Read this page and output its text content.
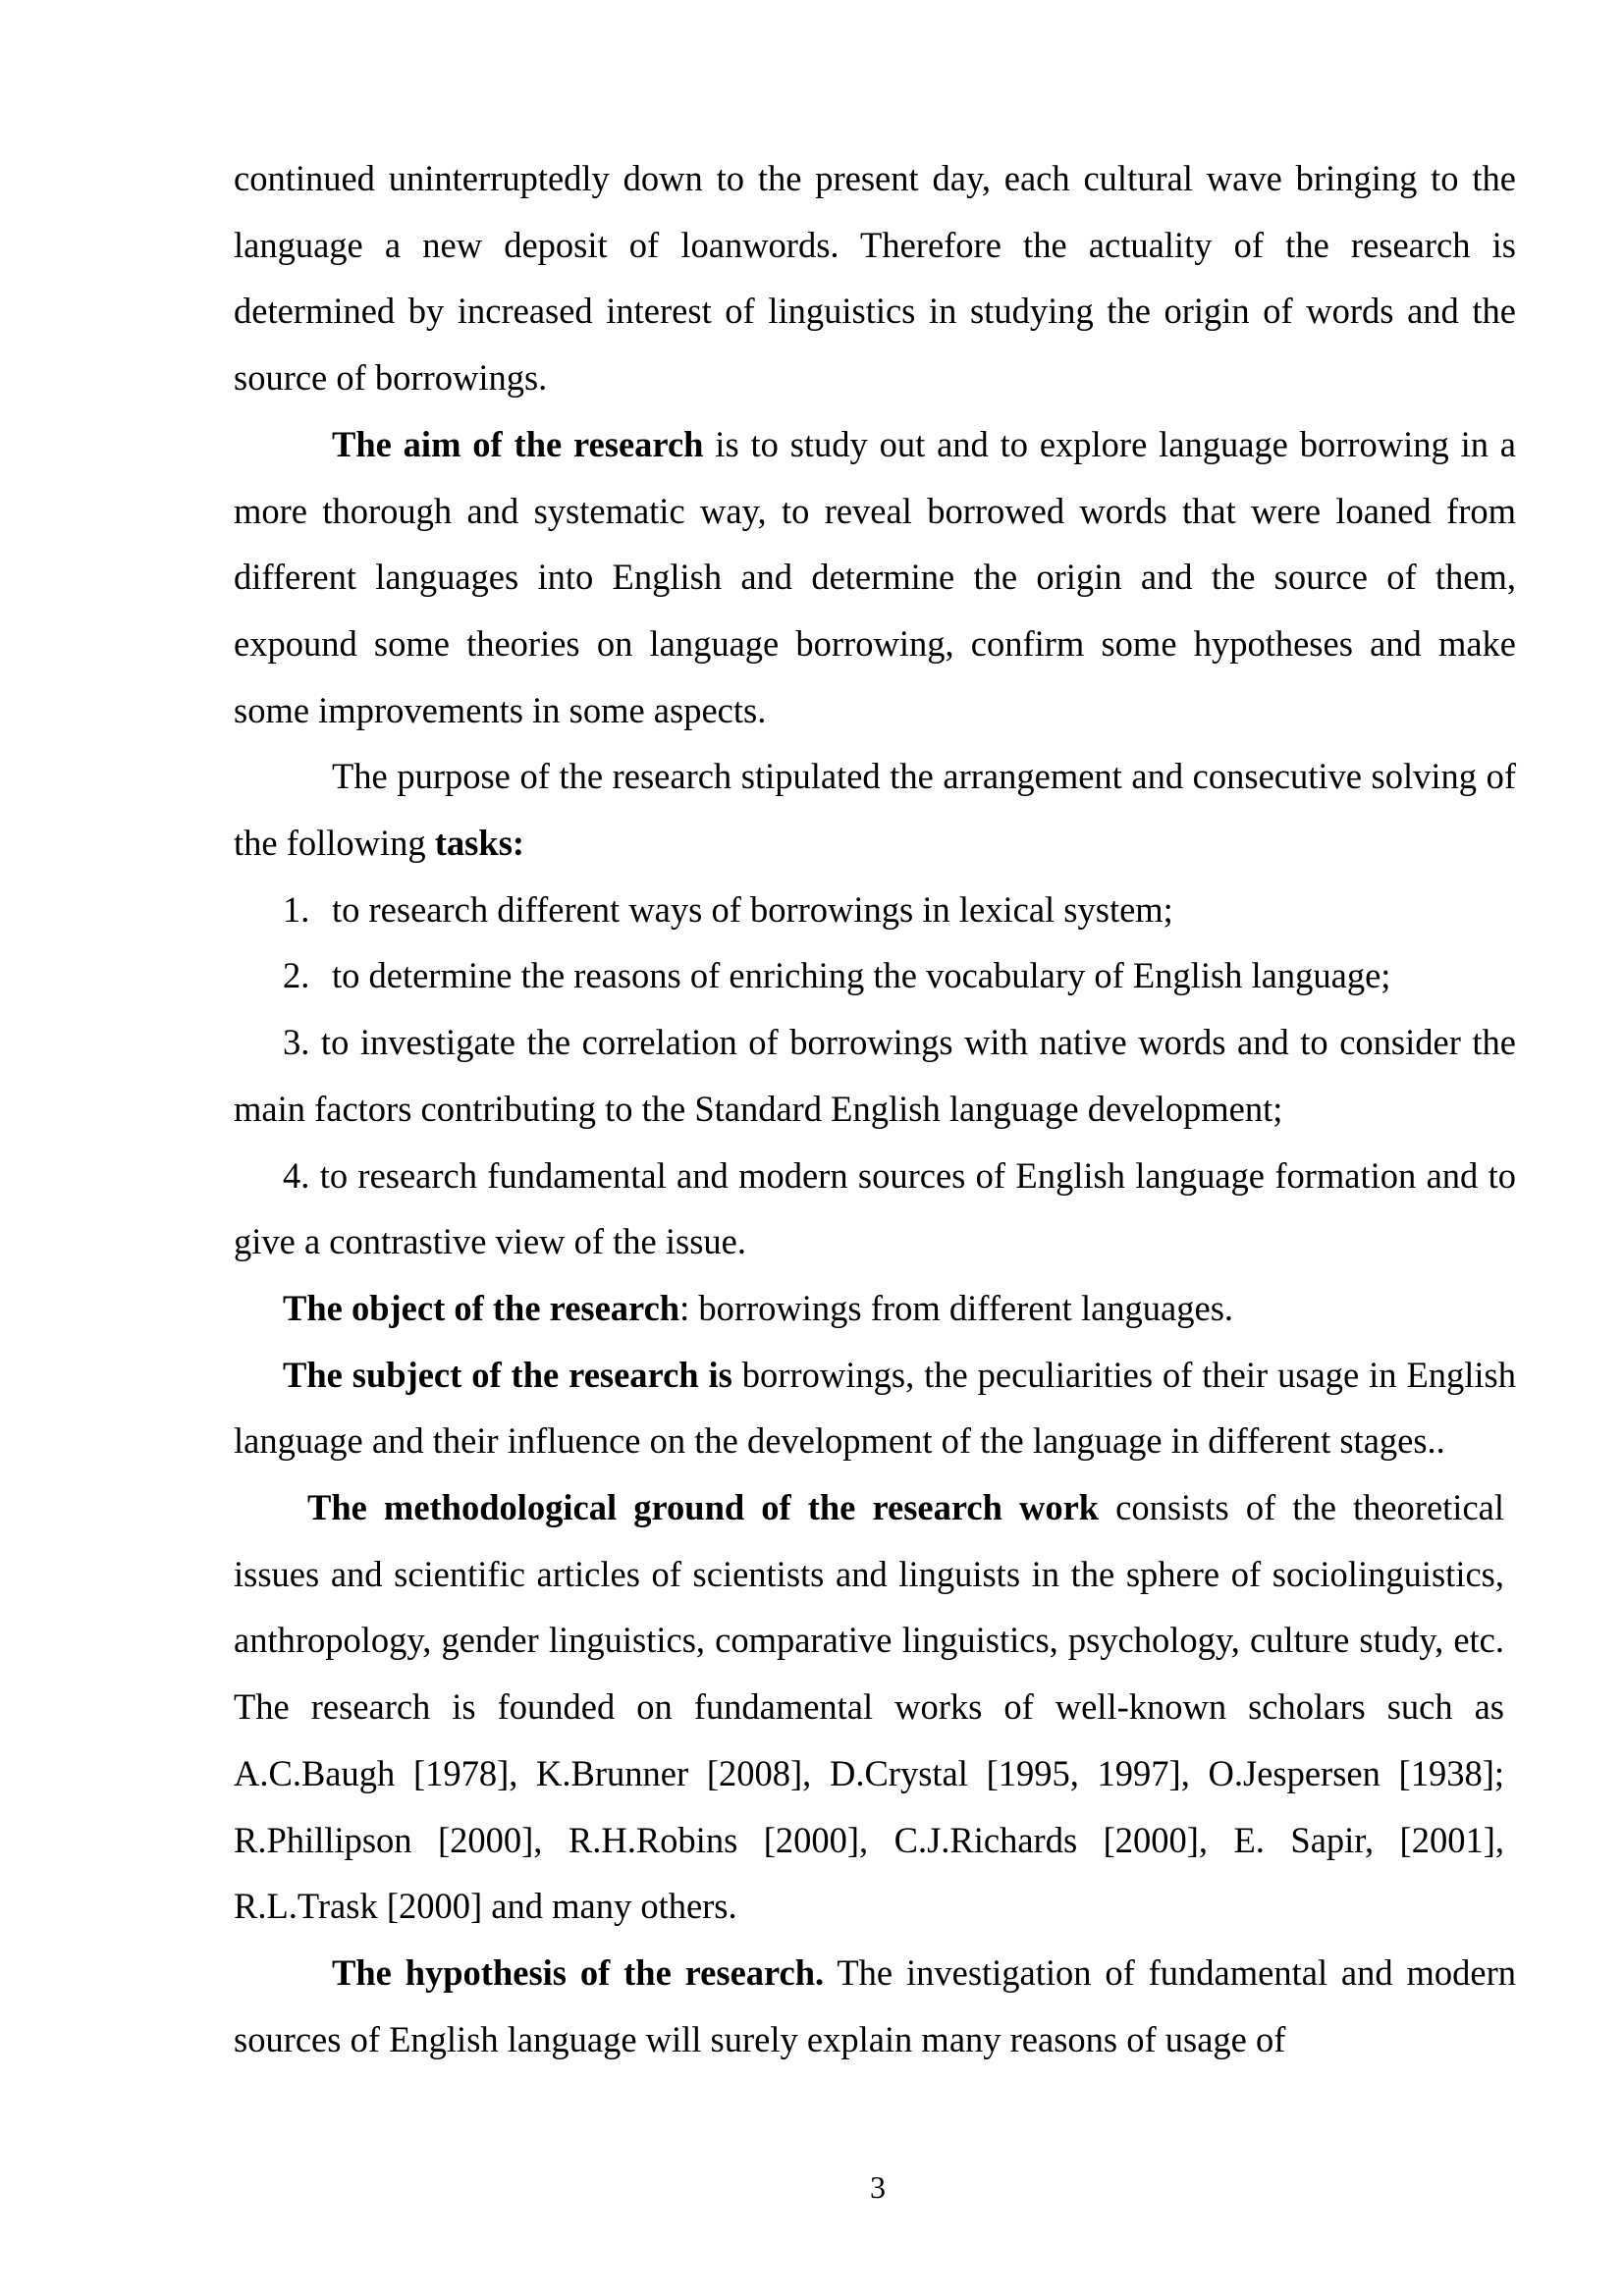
continued uninterruptedly down to the present day, each cultural wave bringing to the language a new deposit of loanwords. Therefore the actuality of the research is determined by increased interest of linguistics in studying the origin of words and the source of borrowings.

The aim of the research is to study out and to explore language borrowing in a more thorough and systematic way, to reveal borrowed words that were loaned from different languages into English and determine the origin and the source of them, expound some theories on language borrowing, confirm some hypotheses and make some improvements in some aspects.

The purpose of the research stipulated the arrangement and consecutive solving of the following tasks:

1. to research different ways of borrowings in lexical system;

2. to determine the reasons of enriching the vocabulary of English language;

3. to investigate the correlation of borrowings with native words and to consider the main factors contributing to the Standard English language development;

4. to research fundamental and modern sources of English language formation and to give a contrastive view of the issue.

The object of the research: borrowings from different languages.

The subject of the research is borrowings, the peculiarities of their usage in English language and their influence on the development of the language in different stages..

The methodological ground of the research work consists of the theoretical issues and scientific articles of scientists and linguists in the sphere of sociolinguistics, anthropology, gender linguistics, comparative linguistics, psychology, culture study, etc. The research is founded on fundamental works of well-known scholars such as A.C.Baugh [1978], K.Brunner [2008], D.Crystal [1995, 1997], O.Jespersen [1938]; R.Phillipson [2000], R.H.Robins [2000], C.J.Richards [2000], E. Sapir, [2001], R.L.Trask [2000] and many others.

The hypothesis of the research. The investigation of fundamental and modern sources of English language will surely explain many reasons of usage of

3
